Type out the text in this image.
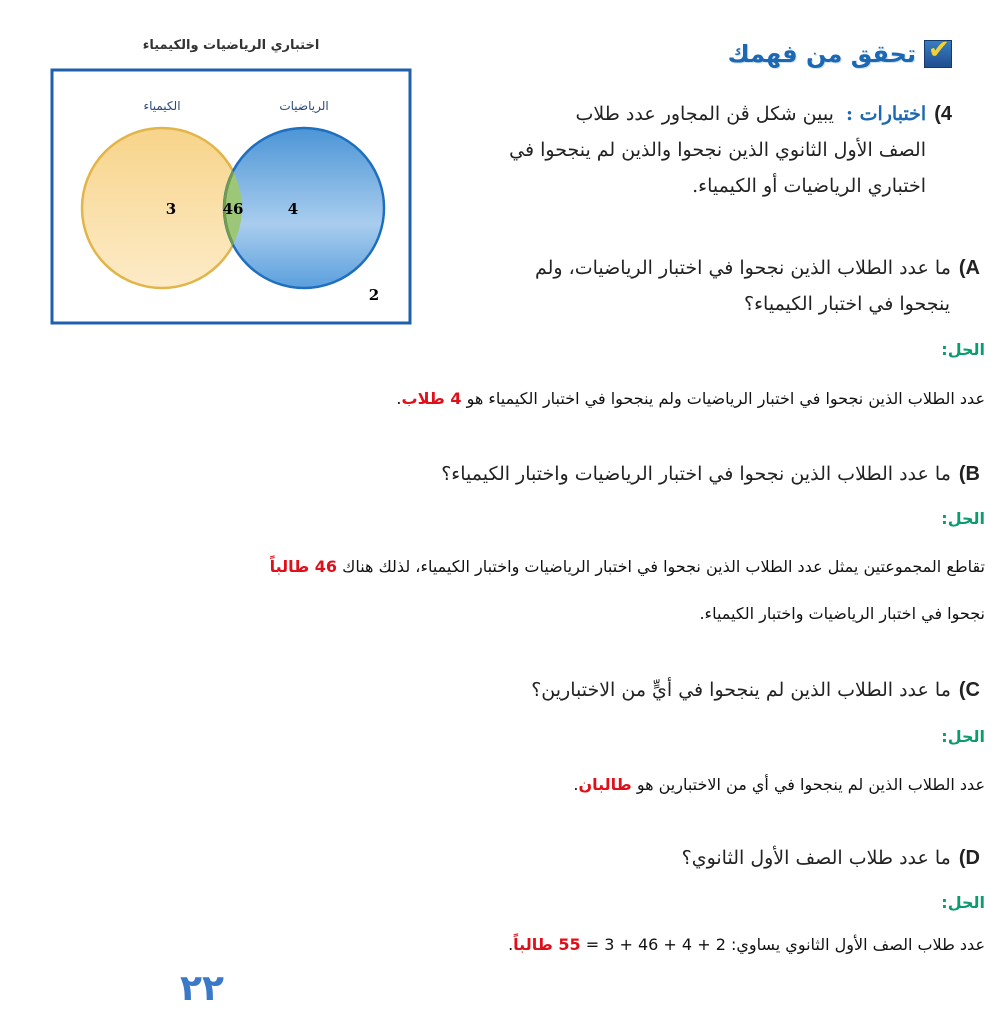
✔
تحقق من فهمك
4)اختبارات :  يبين شكل ڤن المجاور عدد طلاب
الصف الأول الثانوي الذين نجحوا والذين لم ينجحوا في
اختباري الرياضيات أو الكيمياء.
اختباري الرياضيات والكيمياء
الكيمياء	الرياضيات
3	46	4
2
A)ما عدد الطلاب الذين نجحوا في اختبار الرياضيات، ولم
ينجحوا في اختبار الكيمياء؟
الحل:
عدد الطلاب الذين نجحوا في اختبار الرياضيات ولم ينجحوا في اختبار الكيمياء هو 4 طلاب.
B)ما عدد الطلاب الذين نجحوا في اختبار الرياضيات واختبار الكيمياء؟
الحل:
تقاطع المجموعتين يمثل عدد الطلاب الذين نجحوا في اختبار الرياضيات واختبار الكيمياء، لذلك هناك 46 طالباً
نجحوا في اختبار الرياضيات واختبار الكيمياء.
C)ما عدد الطلاب الذين لم ينجحوا في أيٍّ من الاختبارين؟
الحل:
عدد الطلاب الذين لم ينجحوا في أي من الاختبارين هو طالبان.
D)ما عدد طلاب الصف الأول الثانوي؟
الحل:
عدد طلاب الصف الأول الثانوي يساوي: 2 + 4 + 46 + 3 = 55 طالباً.
٢٢
